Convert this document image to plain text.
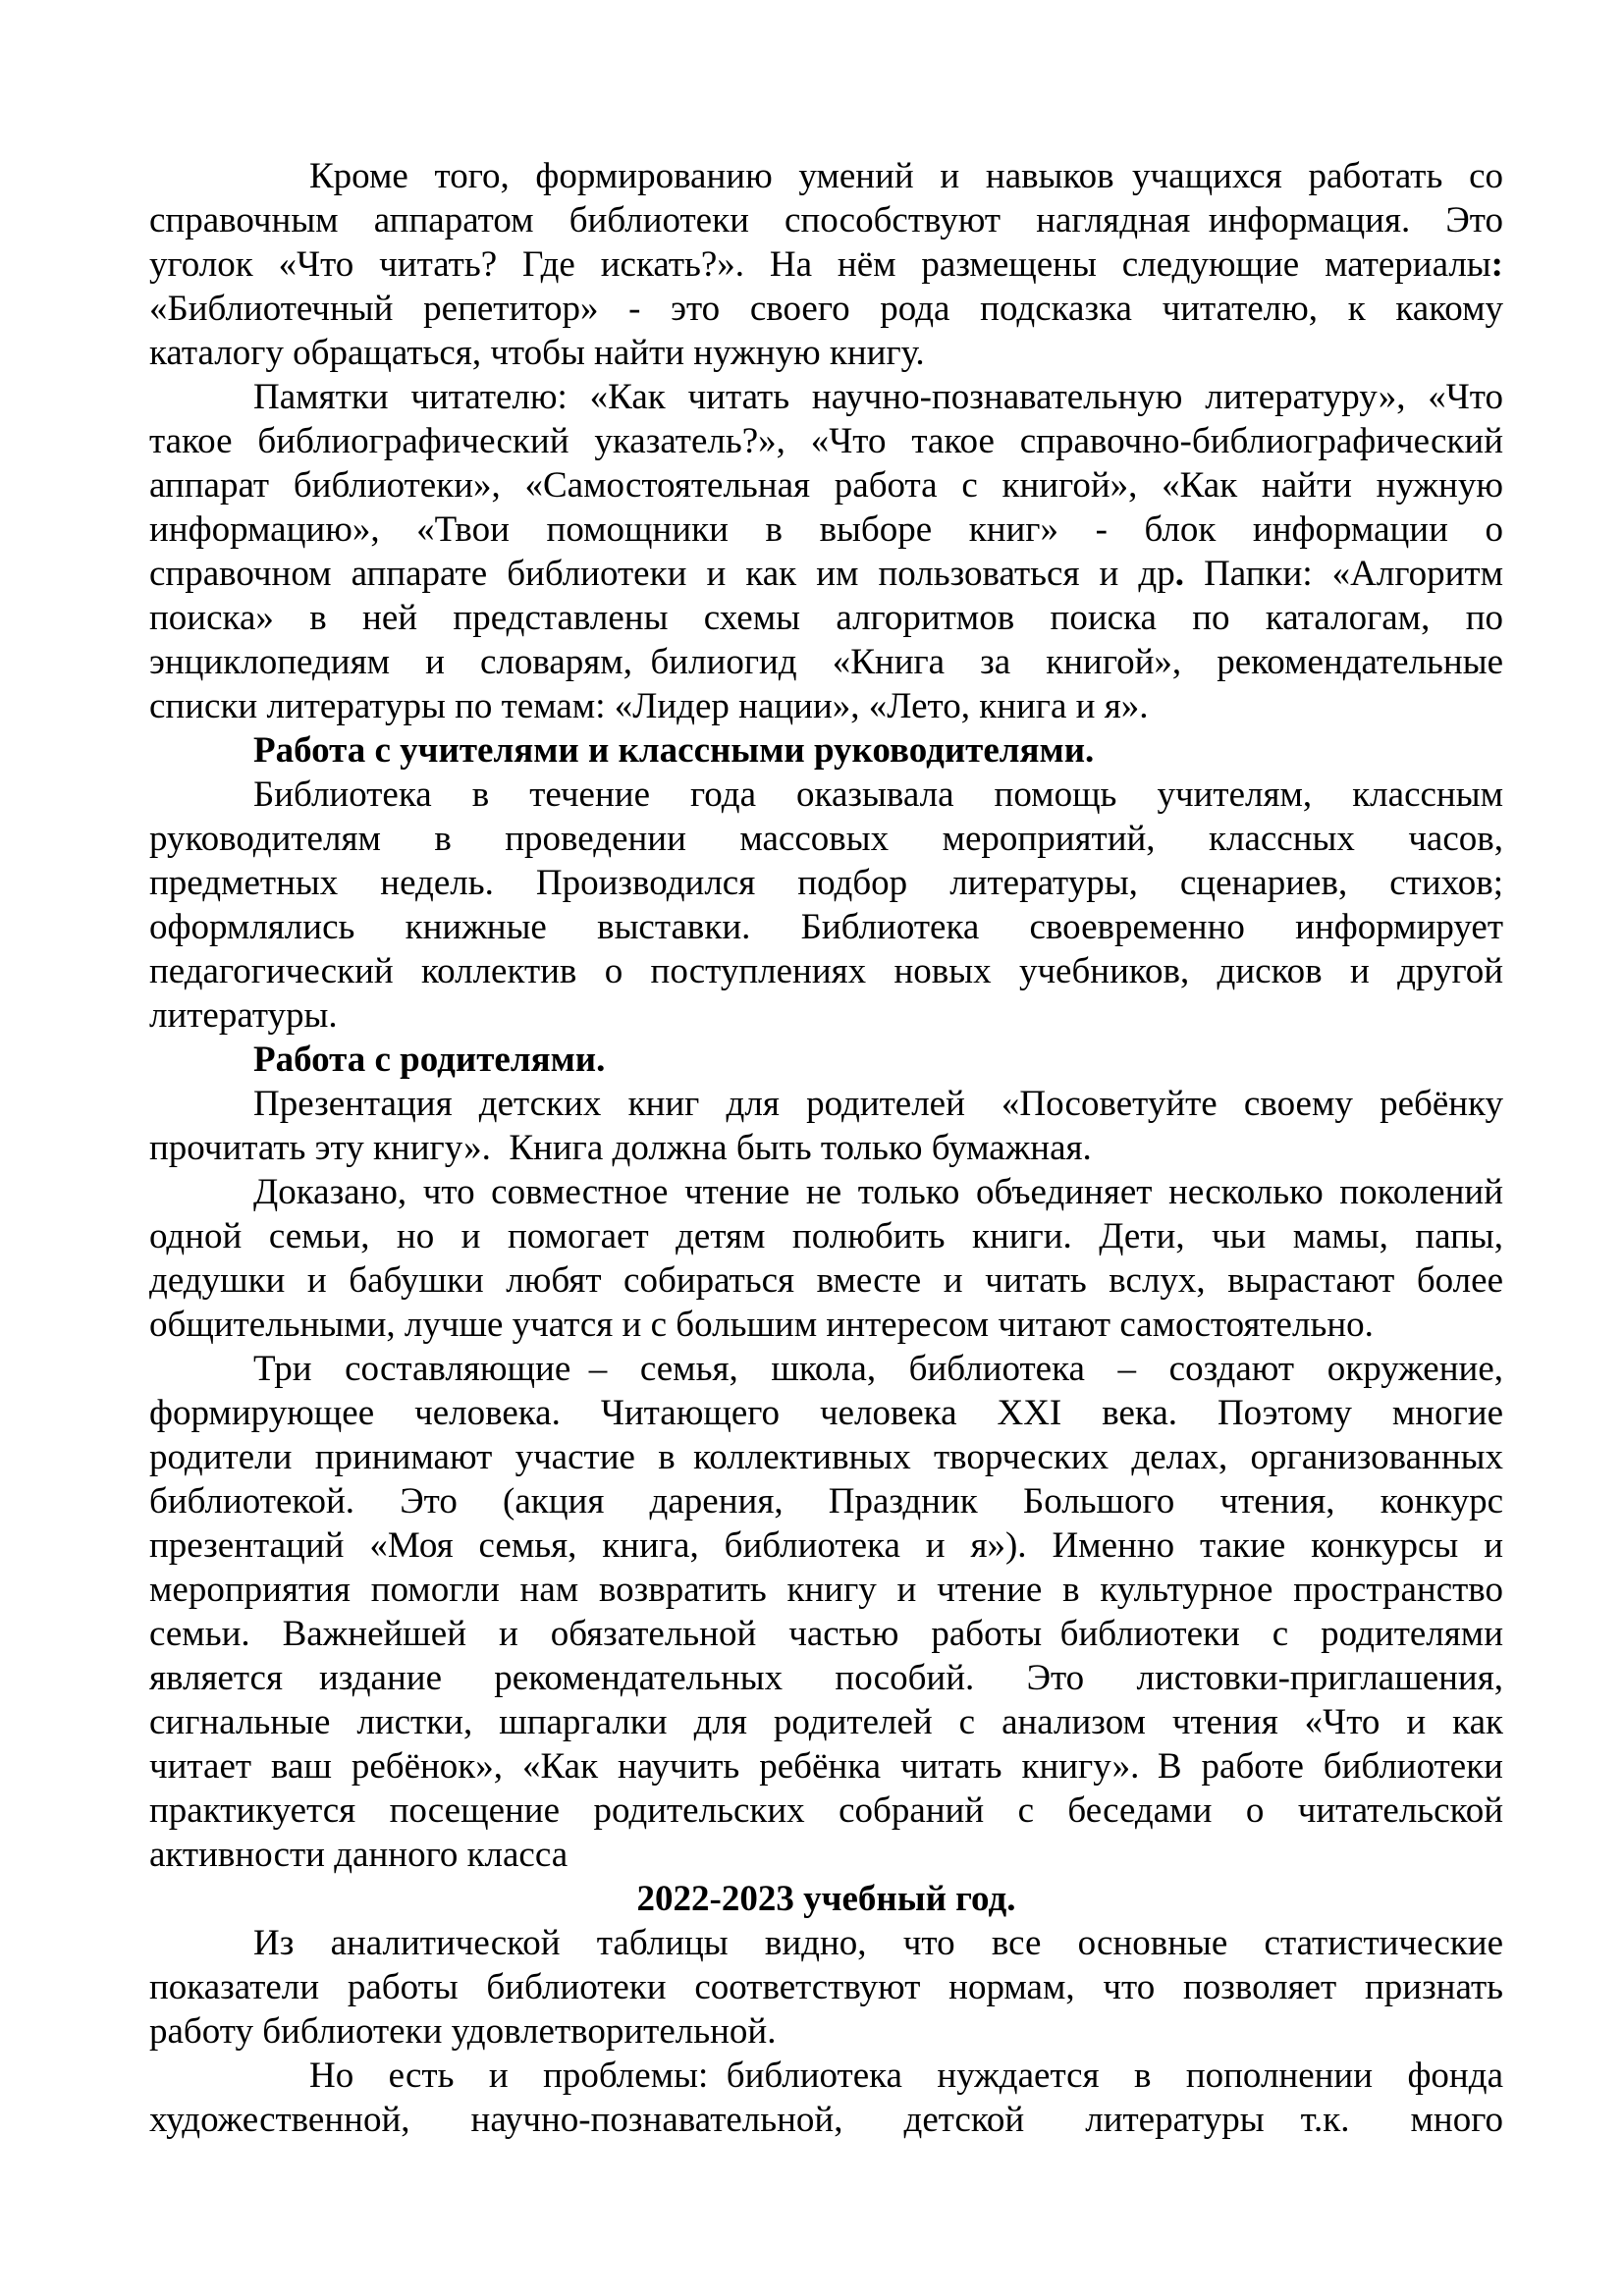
Кроме того, формированию умений и навыков учащихся работать со
справочным аппаратом библиотеки способствуют наглядная информация. Это
уголок «Что читать? Где искать?». На нём размещены следующие материалы:
«Библиотечный репетитор» - это своего рода подсказка читателю, к какому
каталогу обращаться, чтобы найти нужную книгу.
Памятки читателю: «Как читать научно-познавательную литературу», «Что
такое библиографический указатель?», «Что такое справочно-библиографический
аппарат библиотеки», «Самостоятельная работа с книгой», «Как найти нужную
информацию», «Твои помощники в выборе книг» - блок информации о
справочном аппарате библиотеки и как им пользоваться и др. Папки: «Алгоритм
поиска» в ней представлены схемы алгоритмов поиска по каталогам, по
энциклопедиям и словарям, билиогид «Книга за книгой», рекомендательные
списки литературы по темам: «Лидер нации», «Лето, книга и я».
Работа с учителями и классными руководителями.
Библиотека в течение года оказывала помощь учителям, классным
руководителям в проведении массовых мероприятий, классных часов,
предметных недель. Производился подбор литературы, сценариев, стихов;
оформлялись книжные выставки. Библиотека своевременно информирует
педагогический коллектив о поступлениях новых учебников, дисков и другой
литературы.
Работа с родителями.
Презентация детских книг для родителей  «Посоветуйте своему ребёнку
прочитать эту книгу». Книга должна быть только бумажная.
Доказано, что совместное чтение не только объединяет несколько поколений
одной семьи, но и помогает детям полюбить книги. Дети, чьи мамы, папы,
дедушки и бабушки любят собираться вместе и читать вслух, вырастают более
общительными, лучше учатся и с большим интересом читают самостоятельно.
Три составляющие – семья, школа, библиотека – создают окружение,
формирующее человека. Читающего человека XXI века. Поэтому многие
родители принимают участие в коллективных творческих делах, организованных
библиотекой. Это (акция дарения, Праздник Большого чтения, конкурс
презентаций «Моя семья, книга, библиотека и я»). Именно такие конкурсы и
мероприятия помогли нам возвратить книгу и чтение в культурное пространство
семьи. Важнейшей и обязательной частью работы библиотеки с родителями
является  издание рекомендательных пособий. Это листовки-приглашения,
сигнальные листки, шпаргалки для родителей с анализом чтения «Что и как
читает ваш ребёнок», «Как научить ребёнка читать книгу». В работе библиотеки
практикуется посещение родительских собраний с беседами о читательской
активности данного класса
2022-2023 учебный год.
Из аналитической таблицы видно, что все основные статистические
показатели работы библиотеки соответствуют нормам, что позволяет признать
работу библиотеки удовлетворительной.
Но есть и проблемы: библиотека нуждается в пополнении фонда
художественной, научно-познавательной, детской литературы  т.к. много
